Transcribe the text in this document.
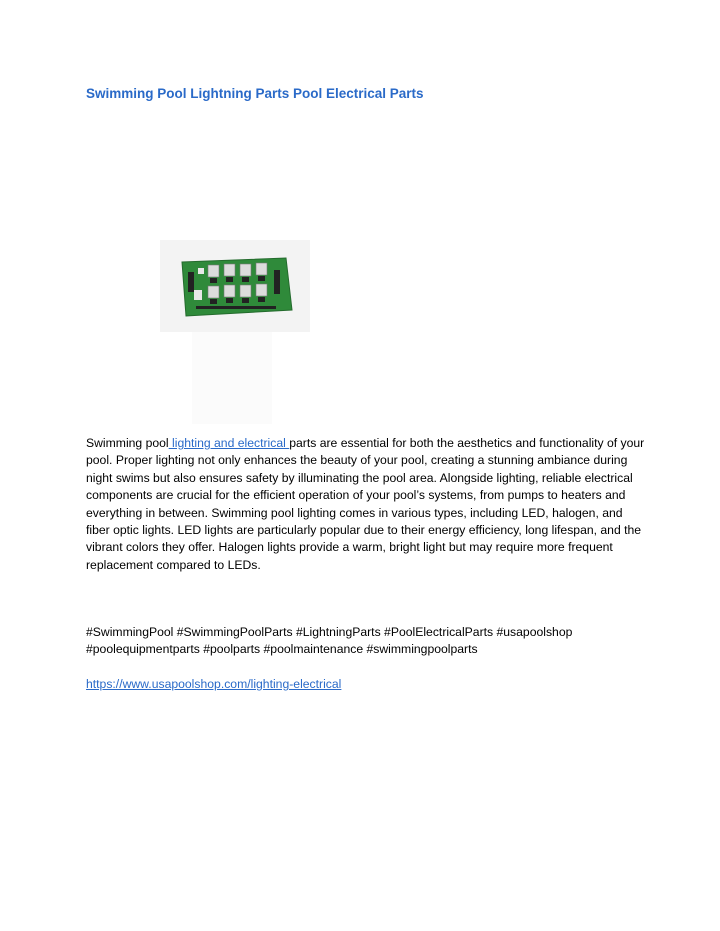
Swimming Pool Lightning Parts Pool Electrical Parts
Swimming pool lighting and electrical parts are essential for both the aesthetics and functionality of your pool. Proper lighting not only enhances the beauty of your pool, creating a stunning ambiance during night swims but also ensures safety by illuminating the pool area. Alongside lighting, reliable electrical components are crucial for the efficient operation of your pool’s systems, from pumps to heaters and everything in between. Swimming pool lighting comes in various types, including LED, halogen, and fiber optic lights. LED lights are particularly popular due to their energy efficiency, long lifespan, and the vibrant colors they offer. Halogen lights provide a warm, bright light but may require more frequent replacement compared to LEDs.
#SwimmingPool #SwimmingPoolParts #LightningParts #PoolElectricalParts #usapoolshop #poolequipmentparts #poolparts #poolmaintenance #swimmingpoolparts
https://www.usapoolshop.com/lighting-electrical
